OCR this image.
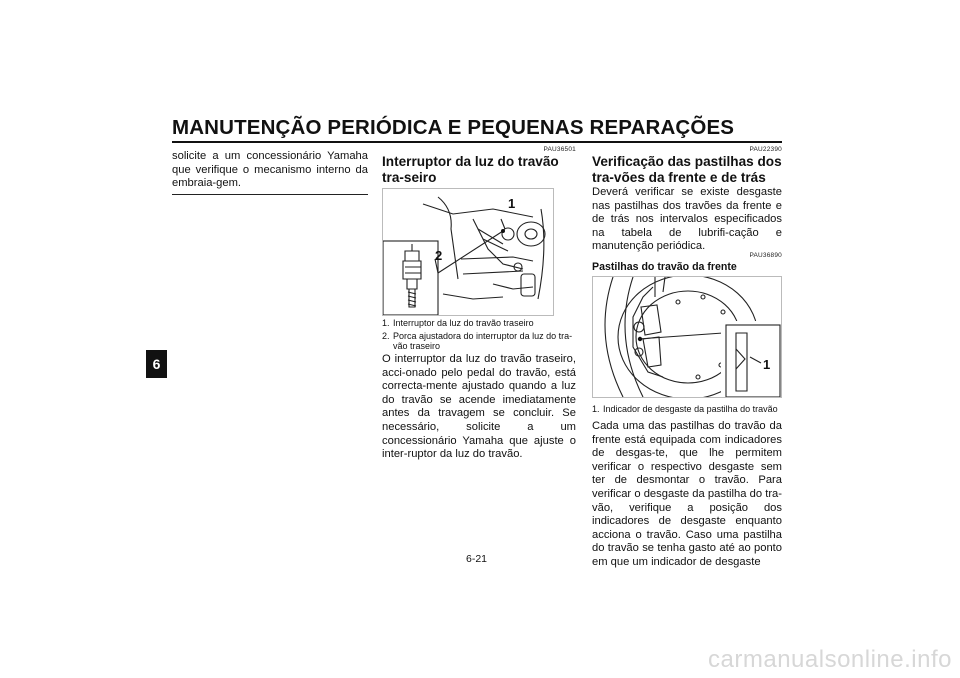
MANUTENÇÃO PERIÓDICA E PEQUENAS REPARAÇÕES
6

solicite a um concessionário Yamaha que verifique o mecanismo interno da embraia-gem.

PAU36501
Interruptor da luz do travão tra-seiro
1
2
1. Interruptor da luz do travão traseiro
2. Porca ajustadora do interruptor da luz do tra-vão traseiro

O interruptor da luz do travão traseiro, acci-onado pelo pedal do travão, está correcta-mente ajustado quando a luz do travão se acende imediatamente antes da travagem se concluir. Se necessário, solicite a um concessionário Yamaha que ajuste o inter-ruptor da luz do travão.

PAU22390
Verificação das pastilhas dos tra-vões da frente e de trás

Deverá verificar se existe desgaste nas pastilhas dos travões da frente e de trás nos intervalos especificados na tabela de lubrifi-cação e manutenção periódica.

PAU36890
Pastilhas do travão da frente
1
1. Indicador de desgaste da pastilha do travão

Cada uma das pastilhas do travão da frente está equipada com indicadores de desgas-te, que lhe permitem verificar o respectivo desgaste sem ter de desmontar o travão. Para verificar o desgaste da pastilha do tra-vão, verifique a posição dos indicadores de desgaste enquanto acciona o travão. Caso uma pastilha do travão se tenha gasto até ao ponto em que um indicador de desgaste

6-21
carmanualsonline.info
